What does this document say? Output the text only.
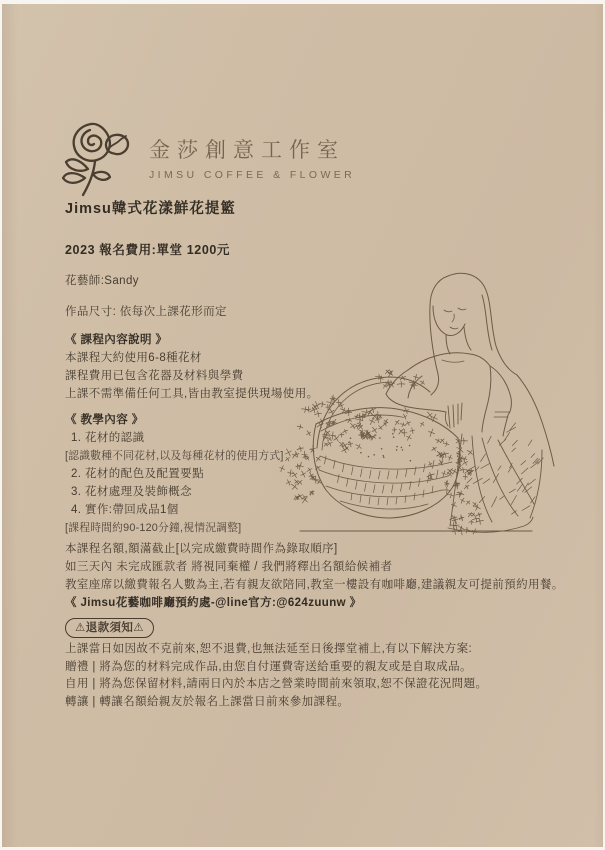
金莎創意工作室
JIMSU COFFEE & FLOWER
Jimsu韓式花漾鮮花提籃
2023 報名費用:單堂 1200元
花藝師:Sandy
作品尺寸: 依每次上課花形而定
《 課程內容說明 》
本課程大約使用6-8種花材
課程費用已包含花器及材料與學費
上課不需準備任何工具,皆由教室提供現場使用。
《 教學內容 》
1. 花材的認識
[認識數種不同花材,以及每種花材的使用方式]
2. 花材的配色及配置要點
3. 花材處理及裝飾概念
4. 實作:帶回成品1個
[課程時間約90-120分鐘,視情況調整]
本課程名額,額滿截止[以完成繳費時間作為錄取順序]
如三天內 未完成匯款者 將視同棄權 / 我們將釋出名額給候補者
教室座席以繳費報名人數為主,若有親友欲陪同,教室一樓設有咖啡廳,建議親友可提前預約用餐。
《 Jimsu花藝咖啡廳預約處-@line官方:@624zuunw 》
⚠退款須知⚠
上課當日如因故不克前來,恕不退費,也無法延至日後擇堂補上,有以下解決方案:
贈禮 | 將為您的材料完成作品,由您自付運費寄送給重要的親友或是自取成品。
自用 | 將為您保留材料,請兩日內於本店之營業時間前來領取,恕不保證花況問題。
轉讓 | 轉讓名額給親友於報名上課當日前來參加課程。
